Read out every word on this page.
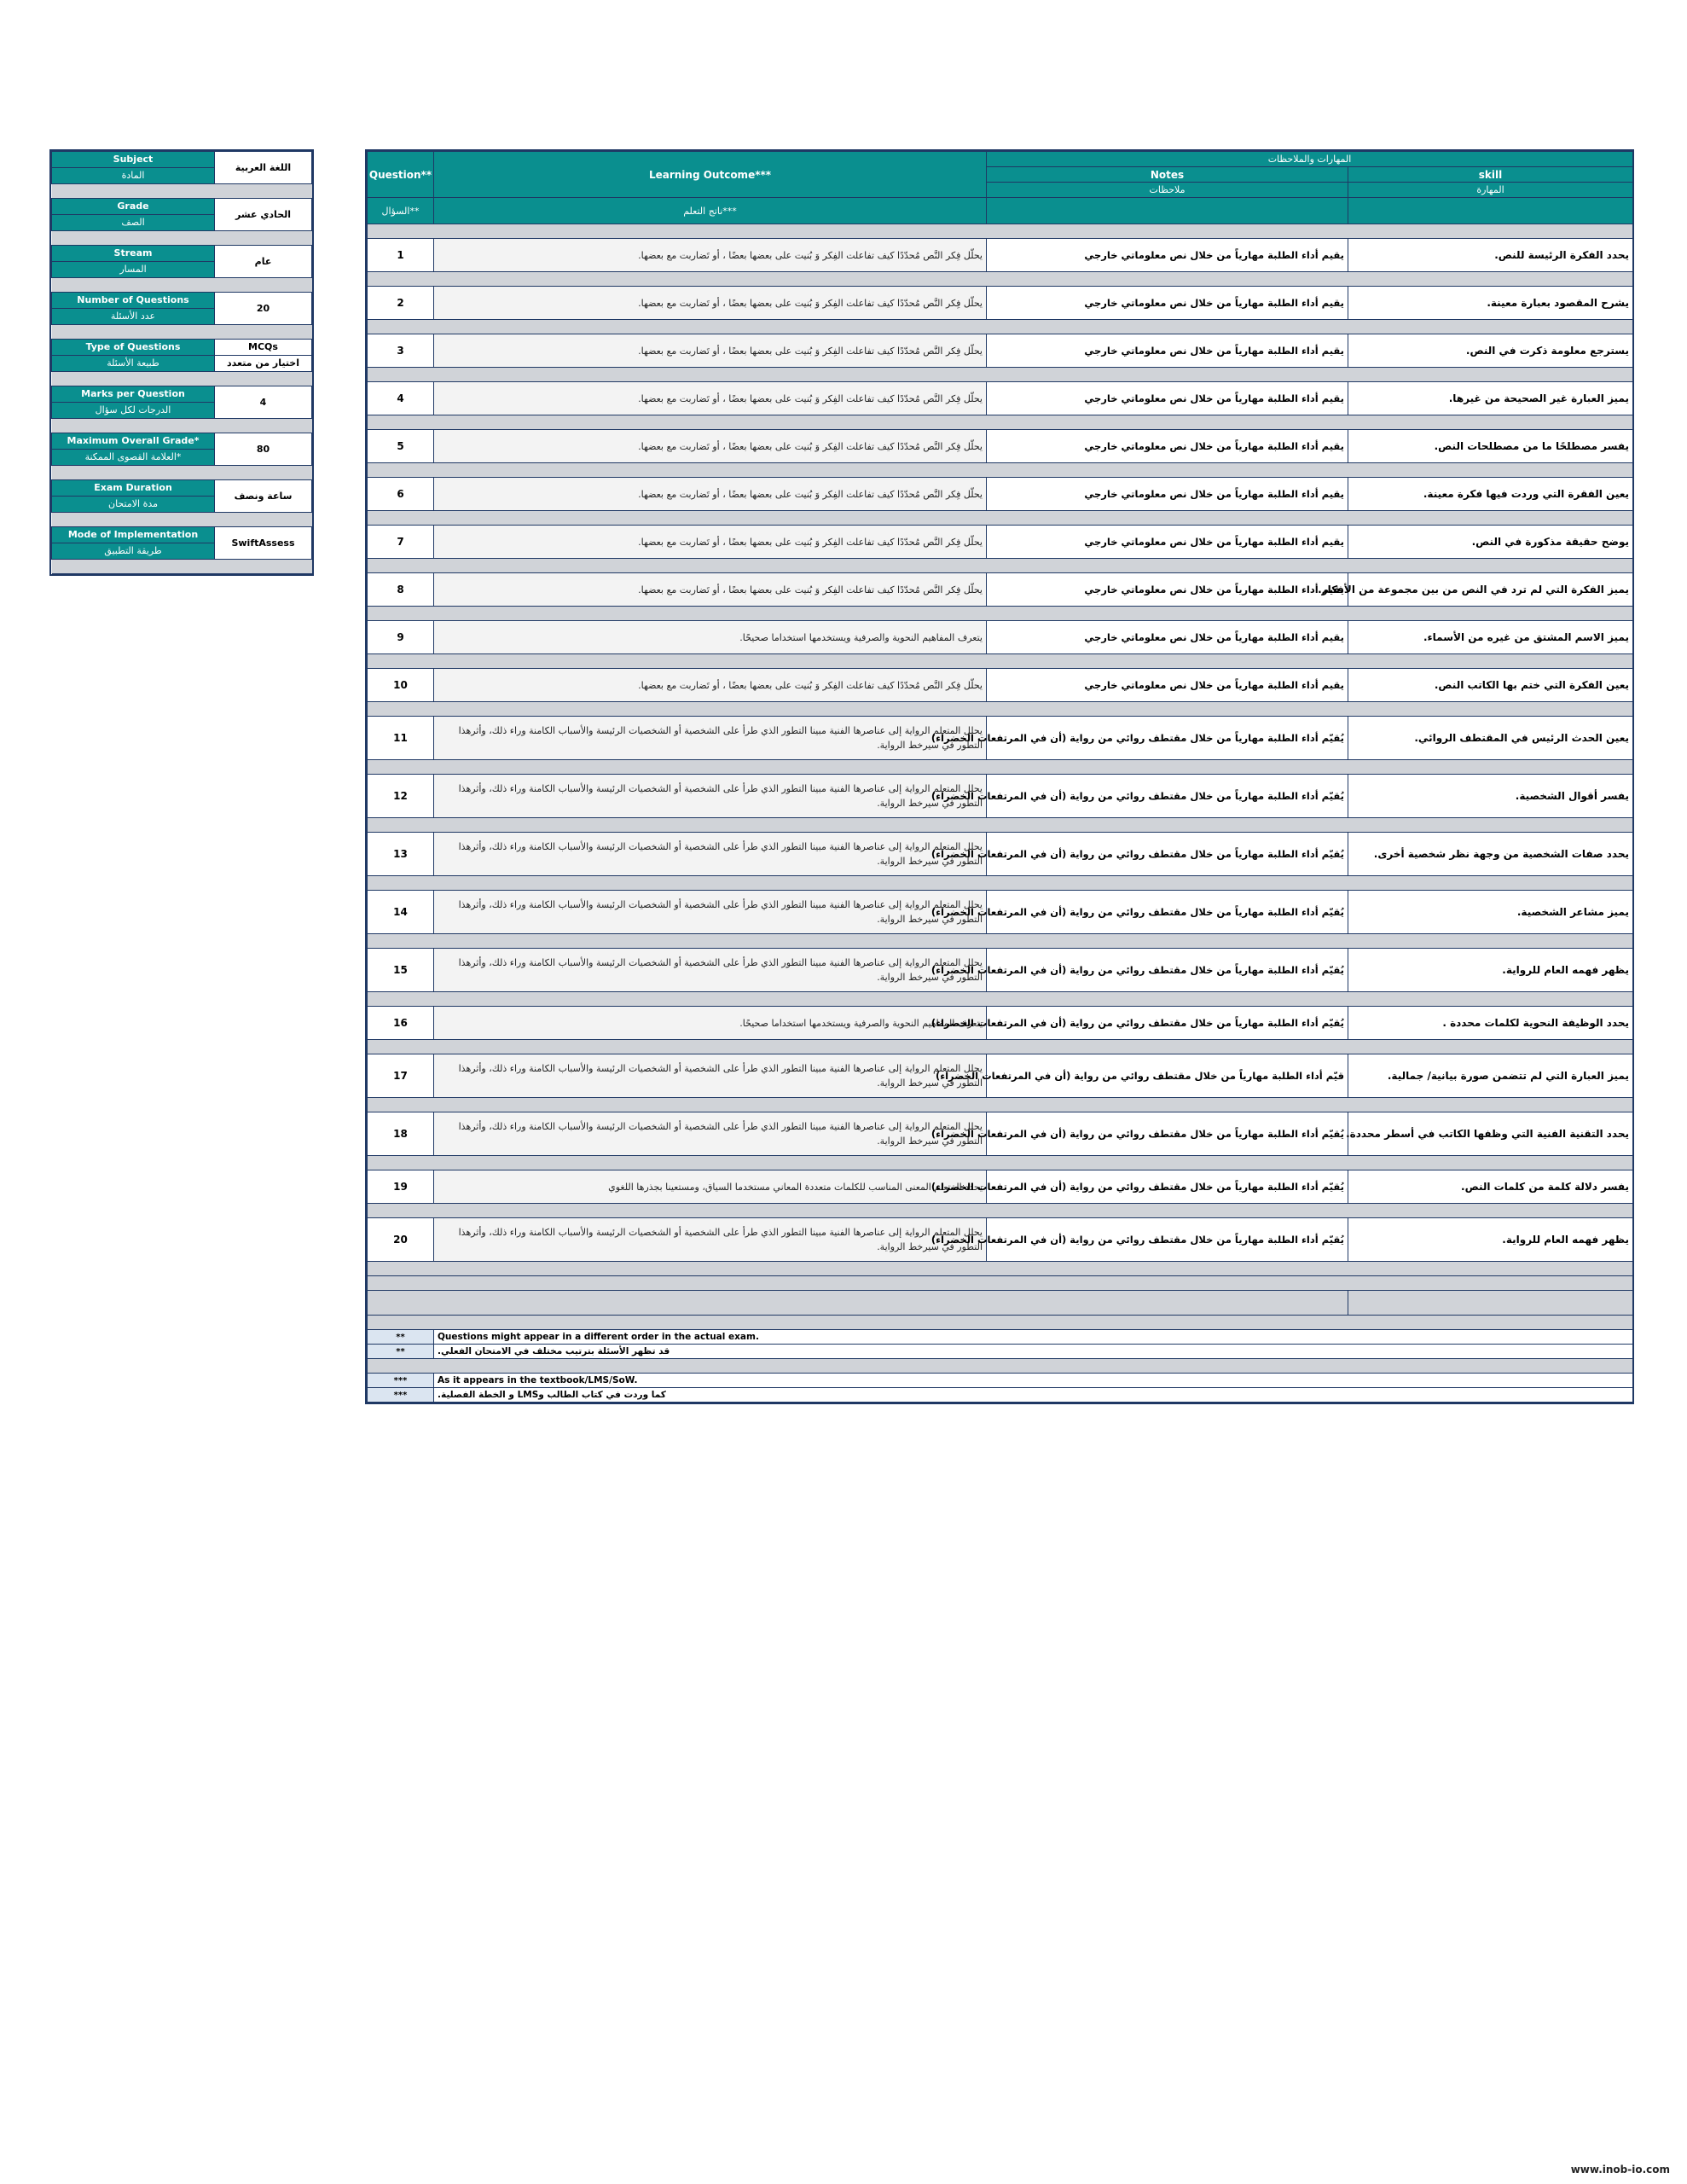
Subject	اللغة العربية
المادة	

Grade	الحادي عشر
الصف	

Stream	عام
المسار	

Number of Questions	20
عدد الأسئلة	

Type of Questions	MCQs
طبيعة الأسئلة	اختيار من متعدد

Marks per Question	4
الدرجات لكل سؤال	

Maximum Overall Grade*	80
العلامة القصوى الممكنة*	

Exam Duration	ساعة ونصف
مدة الامتحان	

Mode of Implementation	SwiftAssess
طريقة التطبيق	

Question**	Learning Outcome***	المهارات والملاحظات	
		Notes	skill
		ملاحظات	المهارة
السؤال**	ناتج التعلم***		

1	يحلّل فِكر النَّص مُحدّدًا كيف تفاعلت الفِكر وَ بُنيت على بعضها بعضًا ، أو تَضاربت مع بعضها.	يقيم أداء الطلبة مهارياً من خلال نص معلوماتي خارجي	يحدد الفكرة الرئيسة للنص.

2	يحلّل فِكر النَّص مُحدّدًا كيف تفاعلت الفِكر وَ بُنيت على بعضها بعضًا ، أو تَضاربت مع بعضها.	يقيم أداء الطلبة مهارياً من خلال نص معلوماتي خارجي	يشرح المقصود بعبارة معينة.

3	يحلّل فِكر النَّص مُحدّدًا كيف تفاعلت الفِكر وَ بُنيت على بعضها بعضًا ، أو تَضاربت مع بعضها.	يقيم أداء الطلبة مهارياً من خلال نص معلوماتي خارجي	يسترجع معلومة ذكرت في النص.

4	يحلّل فِكر النَّص مُحدّدًا كيف تفاعلت الفِكر وَ بُنيت على بعضها بعضًا ، أو تَضاربت مع بعضها.	يقيم أداء الطلبة مهارياً من خلال نص معلوماتي خارجي	يميز العبارة غير الصحيحة من غيرها.

5	يحلّل فِكر النَّص مُحدّدًا كيف تفاعلت الفِكر وَ بُنيت على بعضها بعضًا ، أو تَضاربت مع بعضها.	يقيم أداء الطلبة مهارياً من خلال نص معلوماتي خارجي	يفسر مصطلحًا ما من مصطلحات النص.

6	يحلّل فِكر النَّص مُحدّدًا كيف تفاعلت الفِكر وَ بُنيت على بعضها بعضًا ، أو تَضاربت مع بعضها.	يقيم أداء الطلبة مهارياً من خلال نص معلوماتي خارجي	يعين الفقرة التي وردت فيها فكرة معينة.

7	يحلّل فِكر النَّص مُحدّدًا كيف تفاعلت الفِكر وَ بُنيت على بعضها بعضًا ، أو تَضاربت مع بعضها.	يقيم أداء الطلبة مهارياً من خلال نص معلوماتي خارجي	يوضح حقيقة مذكورة في النص.

8	يحلّل فِكر النَّص مُحدّدًا كيف تفاعلت الفِكر وَ بُنيت على بعضها بعضًا ، أو تَضاربت مع بعضها.	يقيم أداء الطلبة مهارياً من خلال نص معلوماتي خارجي	يميز الفكرة التي لم ترد في النص من بين مجموعة من الأفكار.

9	يتعرف المفاهيم النحوية والصرفية ويستخدمها استخداما صحيحًا.	يقيم أداء الطلبة مهارياً من خلال نص معلوماتي خارجي	يميز الاسم المشتق من غيره من الأسماء.

10	يحلّل فِكر النَّص مُحدّدًا كيف تفاعلت الفِكر وَ بُنيت على بعضها بعضًا ، أو تَضاربت مع بعضها.	يقيم أداء الطلبة مهارياً من خلال نص معلوماتي خارجي	يعين الفكرة التي ختم بها الكاتب النص.

11	يحلل المتعلم الرواية إلى عناصرها الفنية مبينا التطور الذي طرأ على الشخصية أو الشخصيات الرئيسة والأسباب الكامنة وراء ذلك، وأثرهذا التطور في سيرخط الرواية.	يُقيّم أداء الطلبة مهارياً من خلال مقتطف روائي من رواية (أن في المرتفعات الخضراء)	يعين الحدث الرئيس في المقتطف الروائي.

12	يحلل المتعلم الرواية إلى عناصرها الفنية مبينا التطور الذي طرأ على الشخصية أو الشخصيات الرئيسة والأسباب الكامنة وراء ذلك، وأثرهذا التطور في سيرخط الرواية.	يُقيّم أداء الطلبة مهارياً من خلال مقتطف روائي من رواية (أن في المرتفعات الخضراء)	يفسر أقوال الشخصية.

13	يحلل المتعلم الرواية إلى عناصرها الفنية مبينا التطور الذي طرأ على الشخصية أو الشخصيات الرئيسة والأسباب الكامنة وراء ذلك، وأثرهذا التطور في سيرخط الرواية.	يُقيّم أداء الطلبة مهارياً من خلال مقتطف روائي من رواية (أن في المرتفعات الخضراء)	يحدد صفات الشخصية من وجهة نظر شخصية أخرى.

14	يحلل المتعلم الرواية إلى عناصرها الفنية مبينا التطور الذي طرأ على الشخصية أو الشخصيات الرئيسة والأسباب الكامنة وراء ذلك، وأثرهذا التطور في سيرخط الرواية.	يُقيّم أداء الطلبة مهارياً من خلال مقتطف روائي من رواية (أن في المرتفعات الخضراء)	يميز مشاعر الشخصية.

15	يحلل المتعلم الرواية إلى عناصرها الفنية مبينا التطور الذي طرأ على الشخصية أو الشخصيات الرئيسة والأسباب الكامنة وراء ذلك، وأثرهذا التطور في سيرخط الرواية.	يُقيّم أداء الطلبة مهارياً من خلال مقتطف روائي من رواية (أن في المرتفعات الخضراء)	يظهر فهمه العام للرواية.

16	يتعرف المفاهيم النحوية والصرفية ويستخدمها استخداما صحيحًا.	يُقيّم أداء الطلبة مهارياً من خلال مقتطف روائي من رواية (أن في المرتفعات الخضراء)	يحدد الوظيفة النحوية لكلمات محددة .

17	يحلل المتعلم الرواية إلى عناصرها الفنية مبينا التطور الذي طرأ على الشخصية أو الشخصيات الرئيسة والأسباب الكامنة وراء ذلك، وأثرهذا التطور في سيرخط الرواية.	قيّم أداء الطلبة مهارياً من خلال مقتطف روائي من رواية (أن في المرتفعات الخضراء)	يميز العبارة التي لم تتضمن صورة بيانية/ جمالية.

18	يحلل المتعلم الرواية إلى عناصرها الفنية مبينا التطور الذي طرأ على الشخصية أو الشخصيات الرئيسة والأسباب الكامنة وراء ذلك، وأثرهذا التطور في سيرخط الرواية.	يُقيّم أداء الطلبة مهارياً من خلال مقتطف روائي من رواية (أن في المرتفعات الخضراء)	يحدد التقنية الفنية التي وظفها الكاتب في أسطر محددة.

19	يحدد المتعلم المعنى المناسب للكلمات متعددة المعاني مستخدما السياق، ومستعينا بجذرها اللغوي	يُقيّم أداء الطلبة مهارياً من خلال مقتطف روائي من رواية (أن في المرتفعات الخضراء)	يفسر دلالة كلمة من كلمات النص.

20	يحلل المتعلم الرواية إلى عناصرها الفنية مبينا التطور الذي طرأ على الشخصية أو الشخصيات الرئيسة والأسباب الكامنة وراء ذلك، وأثرهذا التطور في سيرخط الرواية.	يُقيّم أداء الطلبة مهارياً من خلال مقتطف روائي من رواية (أن في المرتفعات الخضراء)	يظهر فهمه العام للرواية.

**	Questions might appear in a different order in the actual exam.		
**	قد تظهر الأسئلة بترتيب مختلف في الامتحان الفعلي.		

***	As it appears in the textbook/LMS/SoW.		
***	كما وردت في كتاب الطالب وLMS و الخطة الفصلية.		
www.inob-io.com
